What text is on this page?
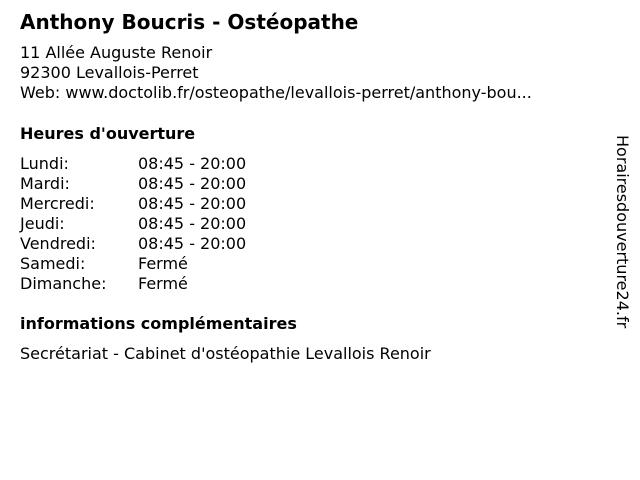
Anthony Boucris - Ostéopathe
11 Allée Auguste Renoir
92300 Levallois-Perret
Web: www.doctolib.fr/osteopathe/levallois-perret/anthony-bou...
Heures d'ouverture
Lundi:	08:45 - 20:00
Mardi:	08:45 - 20:00
Mercredi:	08:45 - 20:00
Jeudi:	08:45 - 20:00
Vendredi:	08:45 - 20:00
Samedi:	Fermé
Dimanche: Fermé
informations complémentaires
Secrétariat - Cabinet d'ostéopathie Levallois Renoir
Horairesdouverture24.fr
